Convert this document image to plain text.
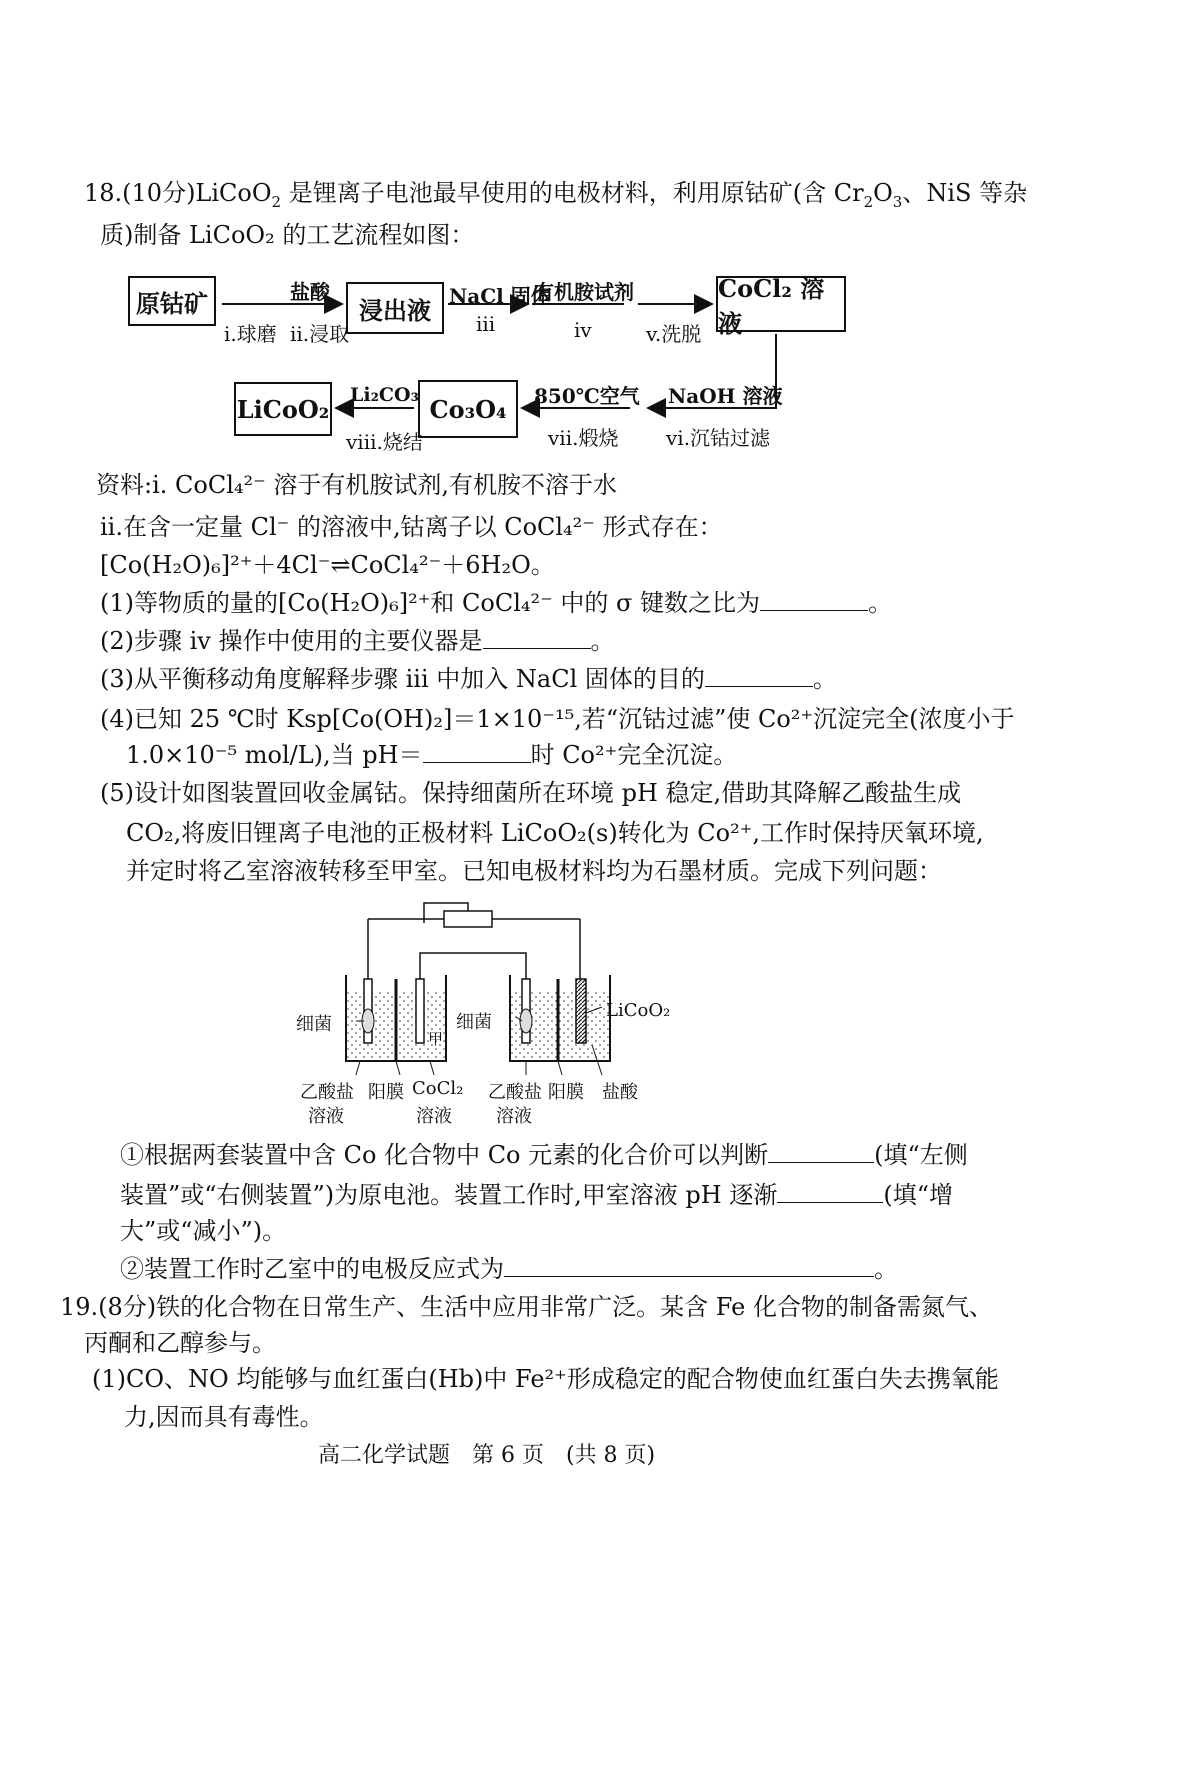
18.(10分)LiCoO$_2$ 是锂离子电池最早使用的电极材料，利用原钴矿(含 $Cr_2O_3$、NiS 等杂
质)制备 LiCoO₂ 的工艺流程如图：
原钴矿	浸出液
CoCl₂ 溶液
LiCoO₂	Co₃O₄
盐酸	NaCl 固体
有机胺试剂
NaOH 溶液
850℃空气
Li₂CO₃
i.球磨 ii.浸取	iii	iv	v.洗脱
vi.沉钴过滤
vii.煅烧
viii.烧结
资料:i. CoCl₄²⁻ 溶于有机胺试剂,有机胺不溶于水
ii.在含一定量 Cl⁻ 的溶液中,钴离子以 CoCl₄²⁻ 形式存在：
[Co(H₂O)₆]²⁺＋4Cl⁻⇌CoCl₄²⁻＋6H₂O。
(1)等物质的量的[Co(H₂O)₆]²⁺和 CoCl₄²⁻ 中的 σ 键数之比为	。
(2)步骤 iv 操作中使用的主要仪器是	。
(3)从平衡移动角度解释步骤 iii 中加入 NaCl 固体的目的	。
(4)已知 25 ℃时 Ksp[Co(OH)₂]＝1×10⁻¹⁵,若“沉钴过滤”使 Co²⁺沉淀完全(浓度小于
1.0×10⁻⁵ mol/L),当 pH＝	时 Co²⁺完全沉淀。
(5)设计如图装置回收金属钴。保持细菌所在环境 pH 稳定,借助其降解乙酸盐生成
CO₂,将废旧锂离子电池的正极材料 LiCoO₂(s)转化为 Co²⁺,工作时保持厌氧环境,
并定时将乙室溶液转移至甲室。已知电极材料均为石墨材质。完成下列问题：
细菌	细菌
甲
LiCoO₂
乙酸盐
溶液
阳膜 CoCl₂
溶液
乙酸盐
溶液
阳膜 盐酸
①根据两套装置中含 Co 化合物中 Co 元素的化合价可以判断	(填“左侧
装置”或“右侧装置”)为原电池。装置工作时,甲室溶液 pH 逐渐	(填“增
大”或“减小”)。
②装置工作时乙室中的电极反应式为	。
19.(8分)铁的化合物在日常生产、生活中应用非常广泛。某含 Fe 化合物的制备需氮气、
丙酮和乙醇参与。
(1)CO、NO 均能够与血红蛋白(Hb)中 Fe²⁺形成稳定的配合物使血红蛋白失去携氧能
力,因而具有毒性。
高二化学试题　第 6 页　(共 8 页)
